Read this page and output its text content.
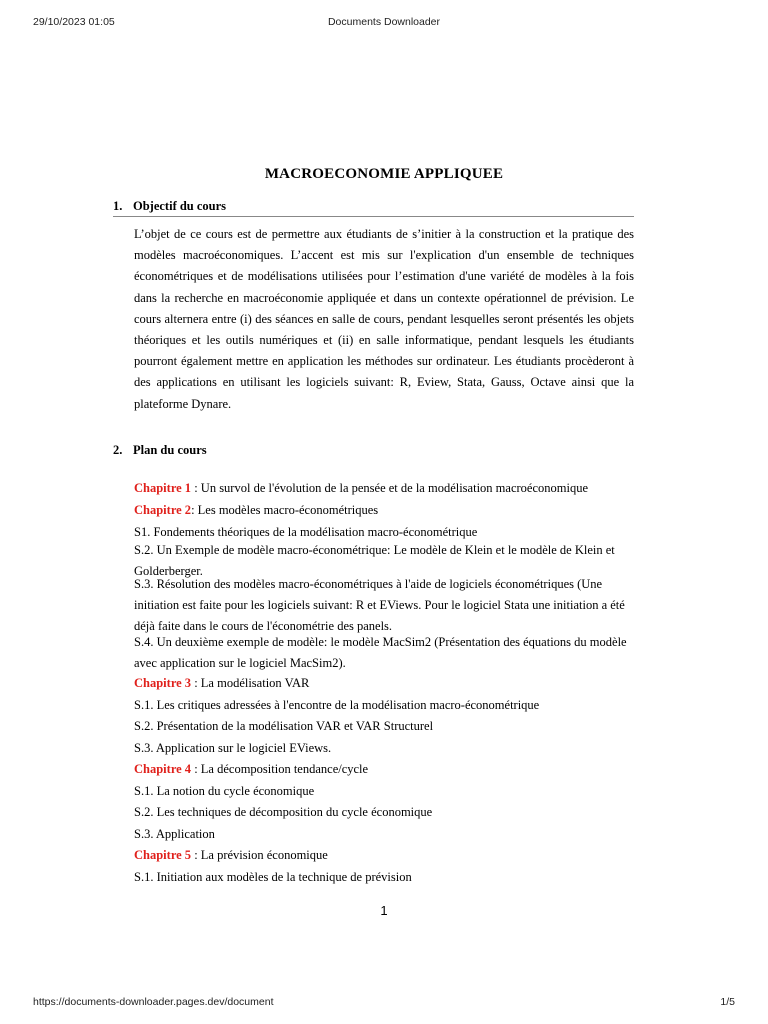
29/10/2023 01:05	Documents Downloader
MACROECONOMIE APPLIQUEE
1. Objectif du cours

L’objet de ce cours est de permettre aux étudiants de s’initier à la construction et la pratique des modèles macroéconomiques. L’accent est mis sur l'explication d'un ensemble de techniques économétriques et de modélisations utilisées pour l’estimation d'une variété de modèles à la fois dans la recherche en macroéconomie appliquée et dans un contexte opérationnel de prévision. Le cours alternera entre (i) des séances en salle de cours, pendant lesquelles seront présentés les objets théoriques et les outils numériques et (ii) en salle informatique, pendant lesquels les étudiants pourront également mettre en application les méthodes sur ordinateur. Les étudiants procèderont à des applications en utilisant les logiciels suivant: R, Eview, Stata, Gauss, Octave ainsi que la plateforme Dynare.

2. Plan du cours

Chapitre 1 : Un survol de l'évolution de la pensée et de la modélisation macroéconomique

Chapitre 2: Les modèles macro-économétriques

S1. Fondements théoriques de la modélisation macro-économétrique

S.2. Un Exemple de modèle macro-économétrique: Le modèle de Klein et le modèle de Klein et Golderberger.

S.3. Résolution des modèles macro-économétriques à l'aide de logiciels économétriques (Une initiation est faite pour les logiciels suivant: R et EViews. Pour le logiciel Stata une initiation a été déjà faite dans le cours de l'économétrie des panels.

S.4. Un deuxième exemple de modèle: le modèle MacSim2 (Présentation des équations du modèle avec application sur le logiciel MacSim2).

Chapitre 3 : La modélisation VAR

S.1. Les critiques adressées à l'encontre de la modélisation macro-économétrique

S.2. Présentation de la modélisation VAR et VAR Structurel

S.3. Application sur le logiciel EViews.

Chapitre 4 : La décomposition tendance/cycle

S.1. La notion du cycle économique

S.2. Les techniques de décomposition du cycle économique

S.3. Application

Chapitre 5 : La prévision économique

S.1. Initiation aux modèles de la technique de prévision

1
https://documents-downloader.pages.dev/document	1/5
